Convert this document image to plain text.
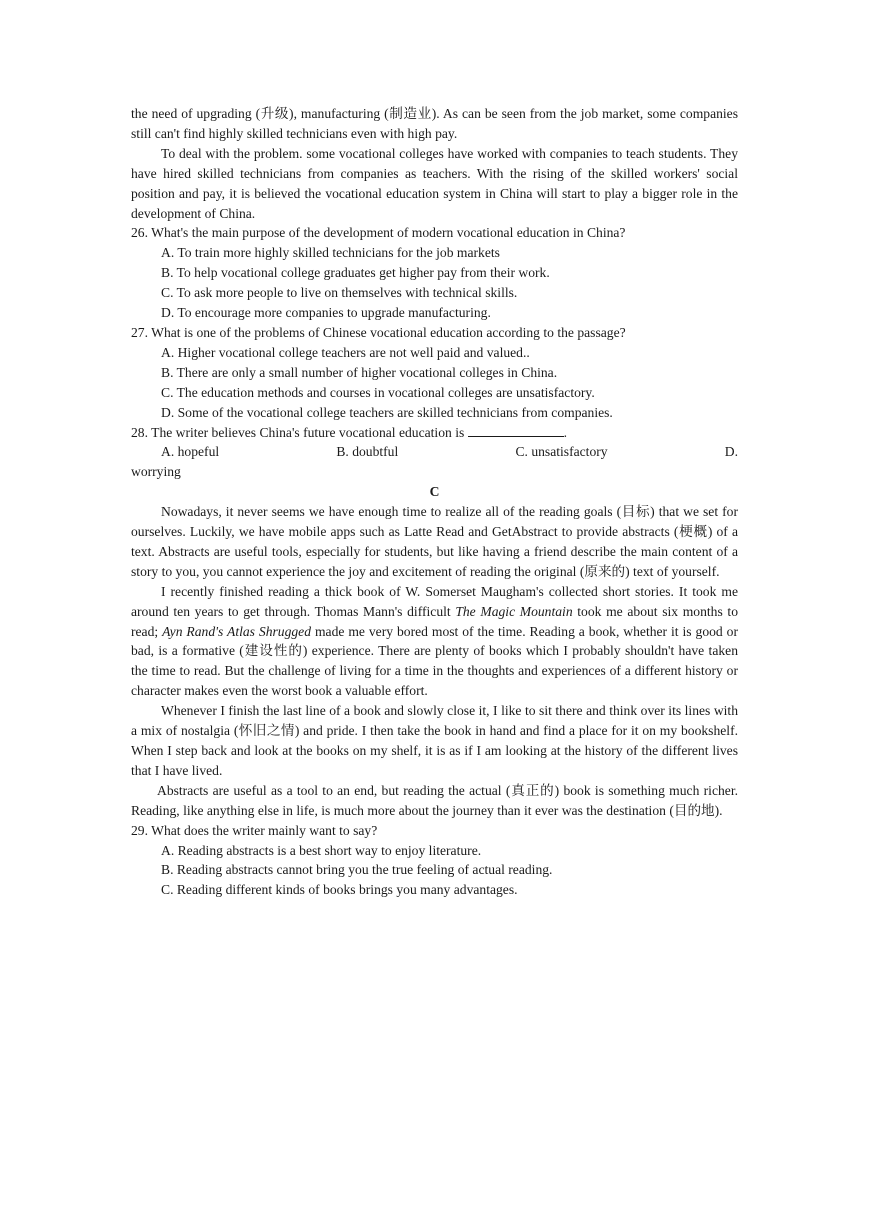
the need of upgrading (升级), manufacturing (制造业). As can be seen from the job market, some companies still can't find highly skilled technicians even with high pay.

To deal with the problem. some vocational colleges have worked with companies to teach students. They have hired skilled technicians from companies as teachers. With the rising of the skilled workers' social position and pay, it is believed the vocational education system in China will start to play a bigger role in the development of China.

26. What's the main purpose of the development of modern vocational education in China?

A. To train more highly skilled technicians for the job markets

B. To help vocational college graduates get higher pay from their work.

C. To ask more people to live on themselves with technical skills.

D. To encourage more companies to upgrade manufacturing.

27. What is one of the problems of Chinese vocational education according to the passage?

A. Higher vocational college teachers are not well paid and valued..

B. There are only a small number of higher vocational colleges in China.

C. The education methods and courses in vocational colleges are unsatisfactory.

D. Some of the vocational college teachers are skilled technicians from companies.

28. The writer believes China's future vocational education is	.

A. hopeful	B. doubtful	C. unsatisfactory	D.

worrying

C

Nowadays, it never seems we have enough time to realize all of the reading goals (目标) that we set for ourselves. Luckily, we have mobile apps such as Latte Read and GetAbstract to provide abstracts (梗概) of a text. Abstracts are useful tools, especially for students, but like having a friend describe the main content of a story to you, you cannot experience the joy and excitement of reading the original (原来的) text of yourself.

I recently finished reading a thick book of W. Somerset Maugham's collected short stories. It took me around ten years to get through. Thomas Mann's difficult The Magic Mountain took me about six months to read; Ayn Rand's Atlas Shrugged made me very bored most of the time. Reading a book, whether it is good or bad, is a formative (建设性的) experience. There are plenty of books which I probably shouldn't have taken the time to read. But the challenge of living for a time in the thoughts and experiences of a different history or character makes even the worst book a valuable effort.

Whenever I finish the last line of a book and slowly close it, I like to sit there and think over its lines with a mix of nostalgia (怀旧之情) and pride. I then take the book in hand and find a place for it on my bookshelf. When I step back and look at the books on my shelf, it is as if I am looking at the history of the different lives that I have lived.

Abstracts are useful as a tool to an end, but reading the actual (真正的) book is something much richer. Reading, like anything else in life, is much more about the journey than it ever was the destination (目的地).

29. What does the writer mainly want to say?

A. Reading abstracts is a best short way to enjoy literature.

B. Reading abstracts cannot bring you the true feeling of actual reading.

C. Reading different kinds of books brings you many advantages.
